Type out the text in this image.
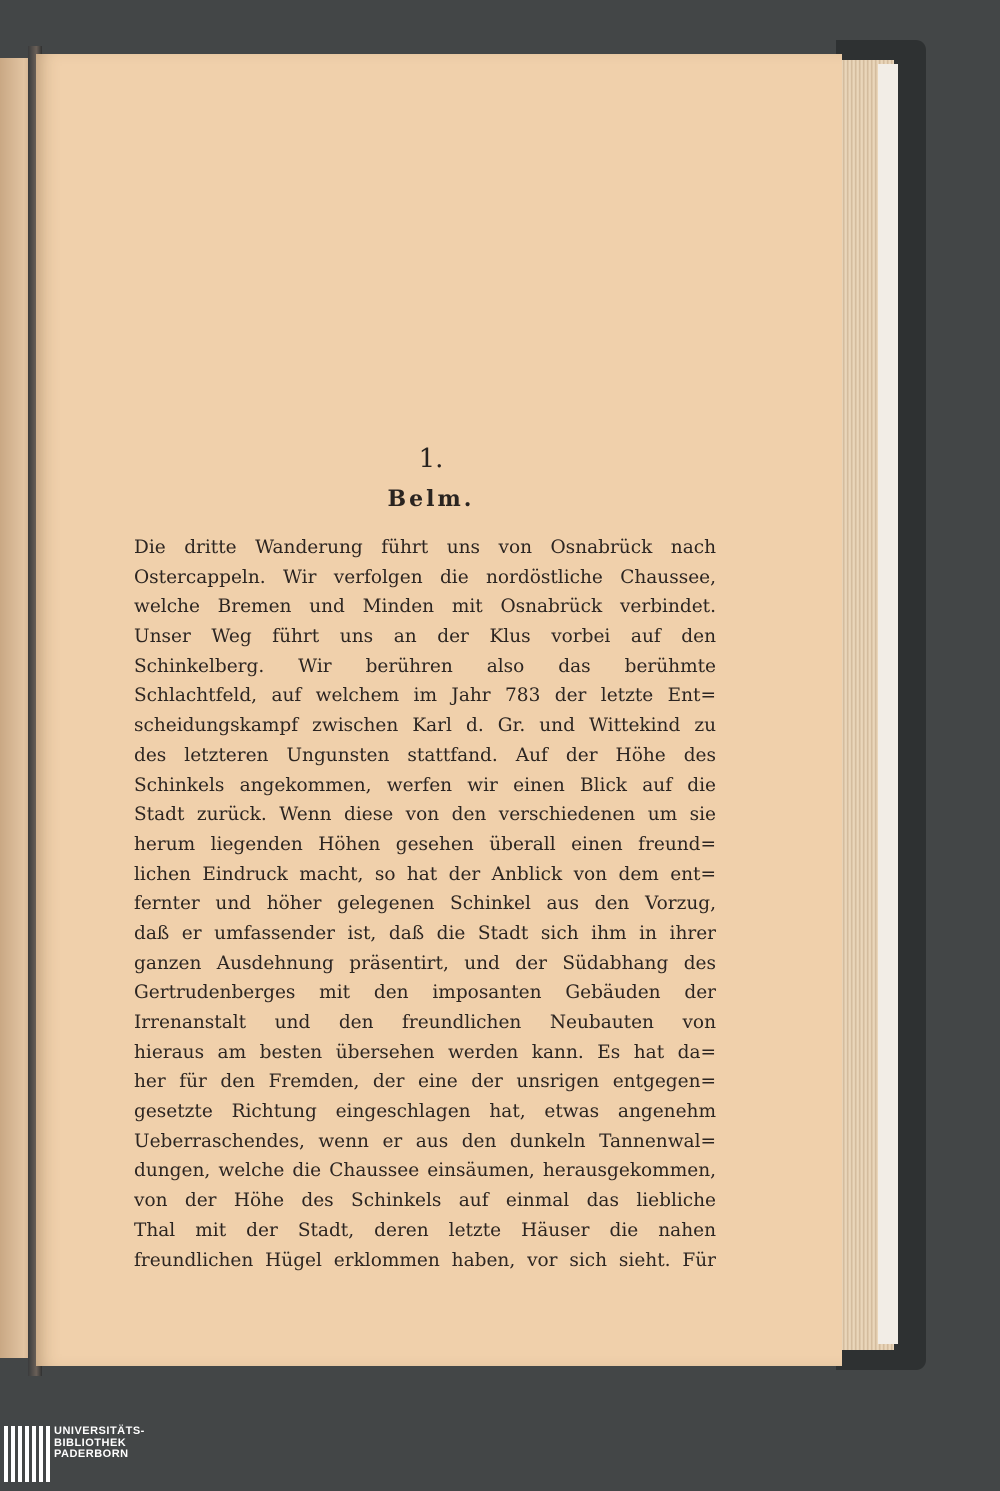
1.
Belm.
Die dritte Wanderung führt uns von Osnabrück nach
Ostercappeln. Wir verfolgen die nordöstliche Chaussee,
welche Bremen und Minden mit Osnabrück verbindet.
Unser Weg führt uns an der Klus vorbei auf den
Schinkelberg. Wir berühren also das berühmte
Schlachtfeld, auf welchem im Jahr 783 der letzte Ent=
scheidungskampf zwischen Karl d. Gr. und Wittekind zu
des letzteren Ungunsten stattfand. Auf der Höhe des
Schinkels angekommen, werfen wir einen Blick auf die
Stadt zurück. Wenn diese von den verschiedenen um sie
herum liegenden Höhen gesehen überall einen freund=
lichen Eindruck macht, so hat der Anblick von dem ent=
fernter und höher gelegenen Schinkel aus den Vorzug,
daß er umfassender ist, daß die Stadt sich ihm in ihrer
ganzen Ausdehnung präsentirt, und der Südabhang des
Gertrudenberges mit den imposanten Gebäuden der
Irrenanstalt und den freundlichen Neubauten von
hieraus am besten übersehen werden kann. Es hat da=
her für den Fremden, der eine der unsrigen entgegen=
gesetzte Richtung eingeschlagen hat, etwas angenehm
Ueberraschendes, wenn er aus den dunkeln Tannenwal=
dungen, welche die Chaussee einsäumen, herausgekommen,
von der Höhe des Schinkels auf einmal das liebliche
Thal mit der Stadt, deren letzte Häuser die nahen
freundlichen Hügel erklommen haben, vor sich sieht. Für
UNIVERSITÄTS-
BIBLIOTHEK
PADERBORN
